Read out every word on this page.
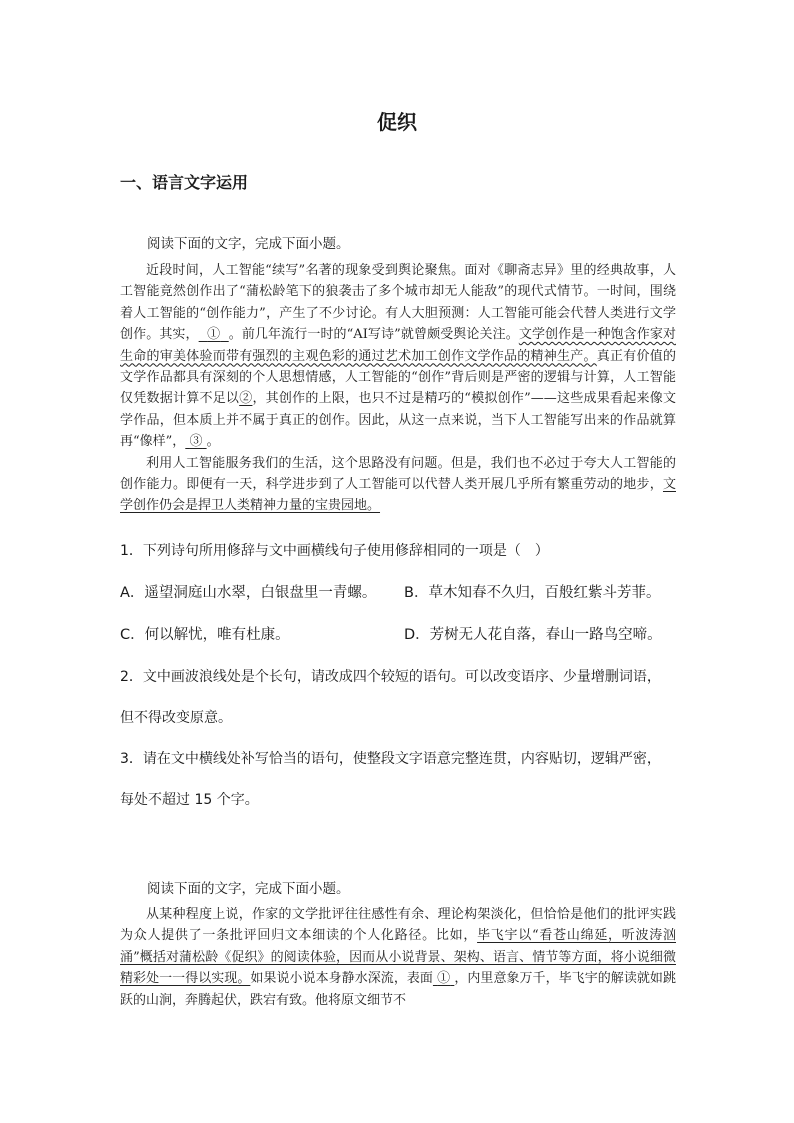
促织
一、语言文字运用
阅读下面的文字，完成下面小题。

近段时间，人工智能“续写”名著的现象受到舆论聚焦。面对《聊斋志异》里的经典故事，人工智能竟然创作出了“蒲松龄笔下的狼袭击了多个城市却无人能敌”的现代式情节。一时间，围绕着人工智能的“创作能力”，产生了不少讨论。有人大胆预测：人工智能可能会代替人类进行文学创作。其实， ① 。前几年流行一时的“AI写诗”就曾颇受舆论关注。文学创作是一种饱含作家对生命的审美体验而带有强烈的主观色彩的通过艺术加工创作文学作品的精神生产。真正有价值的文学作品都具有深刻的个人思想情感，人工智能的“创作”背后则是严密的逻辑与计算，人工智能仅凭数据计算不足以②，其创作的上限，也只不过是精巧的“模拟创作”——这些成果看起来像文学作品，但本质上并不属于真正的创作。因此，从这一点来说，当下人工智能写出来的作品就算再“像样”， ③ 。

利用人工智能服务我们的生活，这个思路没有问题。但是，我们也不必过于夸大人工智能的创作能力。即便有一天，科学进步到了人工智能可以代替人类开展几乎所有繁重劳动的地步，文学创作仍会是捍卫人类精神力量的宝贵园地。

1．下列诗句所用修辞与文中画横线句子使用修辞相同的一项是（　）
A．遥望洞庭山水翠，白银盘里一青螺。 B．草木知春不久归，百般红紫斗芳菲。
C．何以解忧，唯有杜康。	D．芳树无人花自落，春山一路鸟空啼。
2．文中画波浪线处是个长句，请改成四个较短的语句。可以改变语序、少量增删词语，
但不得改变原意。
3．请在文中横线处补写恰当的语句，使整段文字语意完整连贯，内容贴切，逻辑严密，
每处不超过 15 个字。
阅读下面的文字，完成下面小题。

从某种程度上说，作家的文学批评往往感性有余、理论构架淡化，但恰恰是他们的批评实践为众人提供了一条批评回归文本细读的个人化路径。比如，毕飞宇以“看苍山绵延，听波涛汹涌”概括对蒲松龄《促织》的阅读体验，因而从小说背景、架构、语言、情节等方面，将小说细微精彩处一一得以实现。如果说小说本身静水深流，表面 ① ，内里意象万千，毕飞宇的解读就如跳跃的山涧，奔腾起伏，跌宕有致。他将原文细节不
